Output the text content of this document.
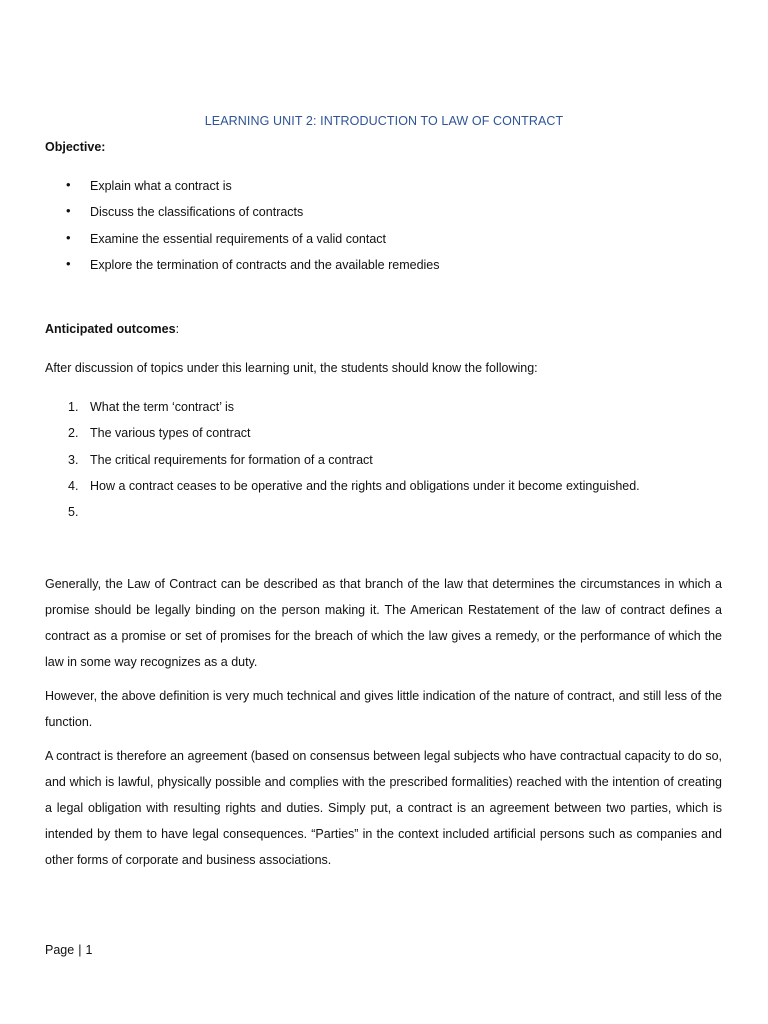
LEARNING UNIT 2: INTRODUCTION TO LAW OF CONTRACT
Objective:
• Explain what a contract is
• Discuss the classifications of contracts
• Examine the essential requirements of a valid contact
• Explore the termination of contracts and the available remedies
Anticipated outcomes:
After discussion of topics under this learning unit, the students should know the following:
1. What the term ‘contract’ is
2. The various types of contract
3. The critical requirements for formation of a contract
4. How a contract ceases to be operative and the rights and obligations under it become extinguished.
5.

Generally, the Law of Contract can be described as that branch of the law that determines the circumstances in which a promise should be legally binding on the person making it. The American Restatement of the law of contract defines a contract as a promise or set of promises for the breach of which the law gives a remedy, or the performance of which the law in some way recognizes as a duty.

However, the above definition is very much technical and gives little indication of the nature of contract, and still less of the function.

A contract is therefore an agreement (based on consensus between legal subjects who have contractual capacity to do so, and which is lawful, physically possible and complies with the prescribed formalities) reached with the intention of creating a legal obligation with resulting rights and duties. Simply put, a contract is an agreement between two parties, which is intended by them to have legal consequences. “Parties” in the context included artificial persons such as companies and other forms of corporate and business associations.

Page | 1
